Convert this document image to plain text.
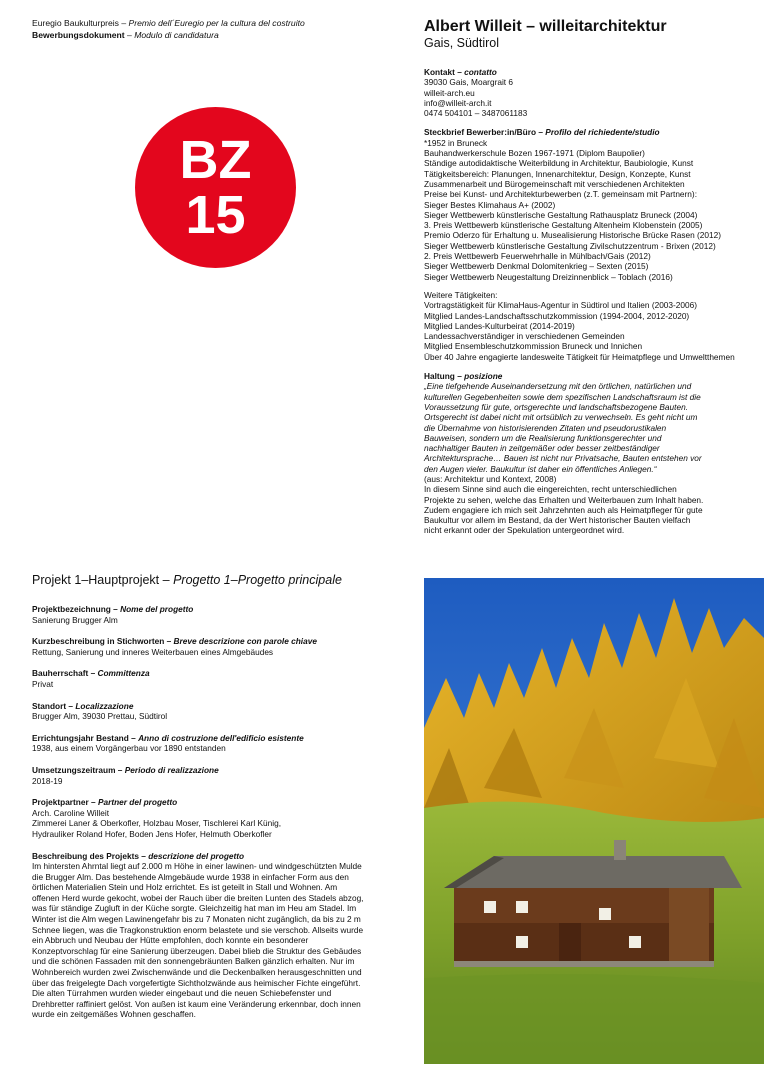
Euregio Baukulturpreis – Premio dell´Euregio per la cultura del costruito
Bewerbungsdokument – Modulo di candidatura
BZ
15
Albert Willeit – willeitarchitektur
Gais, Südtirol
Kontakt – contatto
39030 Gais, Moargrait 6
willeit-arch.eu
info@willeit-arch.it
0474 504101 – 3487061183
Steckbrief Bewerber:in/Büro – Profilo del richiedente/studio
*1952 in Bruneck
Bauhandwerkerschule Bozen 1967-1971 (Diplom Baupolier)
Ständige autodidaktische Weiterbildung in Architektur, Baubiologie, Kunst
Tätigkeitsbereich: Planungen, Innenarchitektur, Design, Konzepte, Kunst
Zusammenarbeit und Bürogemeinschaft mit verschiedenen Architekten
Preise bei Kunst- und Architekturbewerben (z.T. gemeinsam mit Partnern):
Sieger Bestes Klimahaus A+ (2002)
Sieger Wettbewerb künstlerische Gestaltung Rathausplatz Bruneck (2004)
3. Preis Wettbewerb künstlerische Gestaltung Altenheim Klobenstein (2005)
Premio Oderzo für Erhaltung u. Musealisierung Historische Brücke Rasen (2012)
Sieger Wettbewerb künstlerische Gestaltung Zivilschutzzentrum - Brixen (2012)
2. Preis Wettbewerb Feuerwehrhalle in Mühlbach/Gais (2012)
Sieger Wettbewerb Denkmal Dolomitenkrieg – Sexten (2015)
Sieger Wettbewerb Neugestaltung Dreizinnenblick – Toblach (2016)
Weitere Tätigkeiten:
Vortragstätigkeit für KlimaHaus-Agentur in Südtirol und Italien (2003-2006)
Mitglied Landes-Landschaftsschutzkommission (1994-2004, 2012-2020)
Mitglied Landes-Kulturbeirat (2014-2019)
Landessachverständiger in verschiedenen Gemeinden
Mitglied Ensembleschutzkommission Bruneck und Innichen
Über 40 Jahre engagierte landesweite Tätigkeit für Heimatpflege und Umweltthemen
Haltung – posizione
„Eine tiefgehende Auseinandersetzung mit den örtlichen, natürlichen und
kulturellen Gegebenheiten sowie dem spezifischen Landschaftsraum ist die
Voraussetzung für gute, ortsgerechte und landschaftsbezogene Bauten.
Ortsgerecht ist dabei nicht mit ortsüblich zu verwechseln. Es geht nicht um
die Übernahme von historisierenden Zitaten und pseudorustikalen
Bauweisen, sondern um die Realisierung funktionsgerechter und
nachhaltiger Bauten in zeitgemäßer oder besser zeitbeständiger
Architektursprache… Bauen ist nicht nur Privatsache, Bauten entstehen vor
den Augen vieler. Baukultur ist daher ein öffentliches Anliegen.“
(aus: Architektur und Kontext, 2008)
In diesem Sinne sind auch die eingereichten, recht unterschiedlichen
Projekte zu sehen, welche das Erhalten und Weiterbauen zum Inhalt haben.
Zudem engagiere ich mich seit Jahrzehnten auch als Heimatpfleger für gute
Baukultur vor allem im Bestand, da der Wert historischer Bauten vielfach
nicht erkannt oder der Spekulation untergeordnet wird.
Projekt 1–Hauptprojekt – Progetto 1–Progetto principale
Projektbezeichnung – Nome del progetto
Sanierung Brugger Alm
Kurzbeschreibung in Stichworten – Breve descrizione con parole chiave
Rettung, Sanierung und inneres Weiterbauen eines Almgebäudes
Bauherrschaft – Committenza
Privat
Standort – Localizzazione
Brugger Alm, 39030 Prettau, Südtirol
Errichtungsjahr Bestand – Anno di costruzione dell'edificio esistente
1938, aus einem Vorgängerbau vor 1890 entstanden
Umsetzungszeitraum – Periodo di realizzazione
2018-19
Projektpartner – Partner del progetto
Arch. Caroline Willeit
Zimmerei Laner & Oberkofler, Holzbau Moser, Tischlerei Karl Künig,
Hydrauliker Roland Hofer, Boden Jens Hofer, Helmuth Oberkofler
Beschreibung des Projekts – descrizione del progetto
Im hintersten Ahrntal liegt auf 2.000 m Höhe in einer lawinen- und windgeschützten Mulde
die Brugger Alm. Das bestehende Almgebäude wurde 1938 in einfacher Form aus den
örtlichen Materialien Stein und Holz errichtet. Es ist geteilt in Stall und Wohnen. Am
offenen Herd wurde gekocht, wobei der Rauch über die breiten Lunten des Stadels abzog,
was für ständige Zugluft in der Küche sorgte. Gleichzeitig hat man im Heu am Stadel. Im
Winter ist die Alm wegen Lawinengefahr bis zu 7 Monaten nicht zugänglich, da bis zu 2 m
Schnee liegen, was die Tragkonstruktion enorm belastete und sie verschob. Allseits wurde
ein Abbruch und Neubau der Hütte empfohlen, doch konnte ein besonderer
Konzeptvorschlag für eine Sanierung überzeugen. Dabei blieb die Struktur des Gebäudes
und die schönen Fassaden mit den sonnengebräunten Balken gänzlich erhalten. Nur im
Wohnbereich wurden zwei Zwischenwände und die Deckenbalken herausgeschnitten und
über das freigelegte Dach vorgefertigte Sichtholzwände aus heimischer Fichte eingeführt.
Die alten Türrahmen wurden wieder eingebaut und die neuen Schiebefenster und
Drehbretter raffiniert gelöst. Von außen ist kaum eine Veränderung erkennbar, doch innen
wurde ein zeitgemäßes Wohnen geschaffen.
